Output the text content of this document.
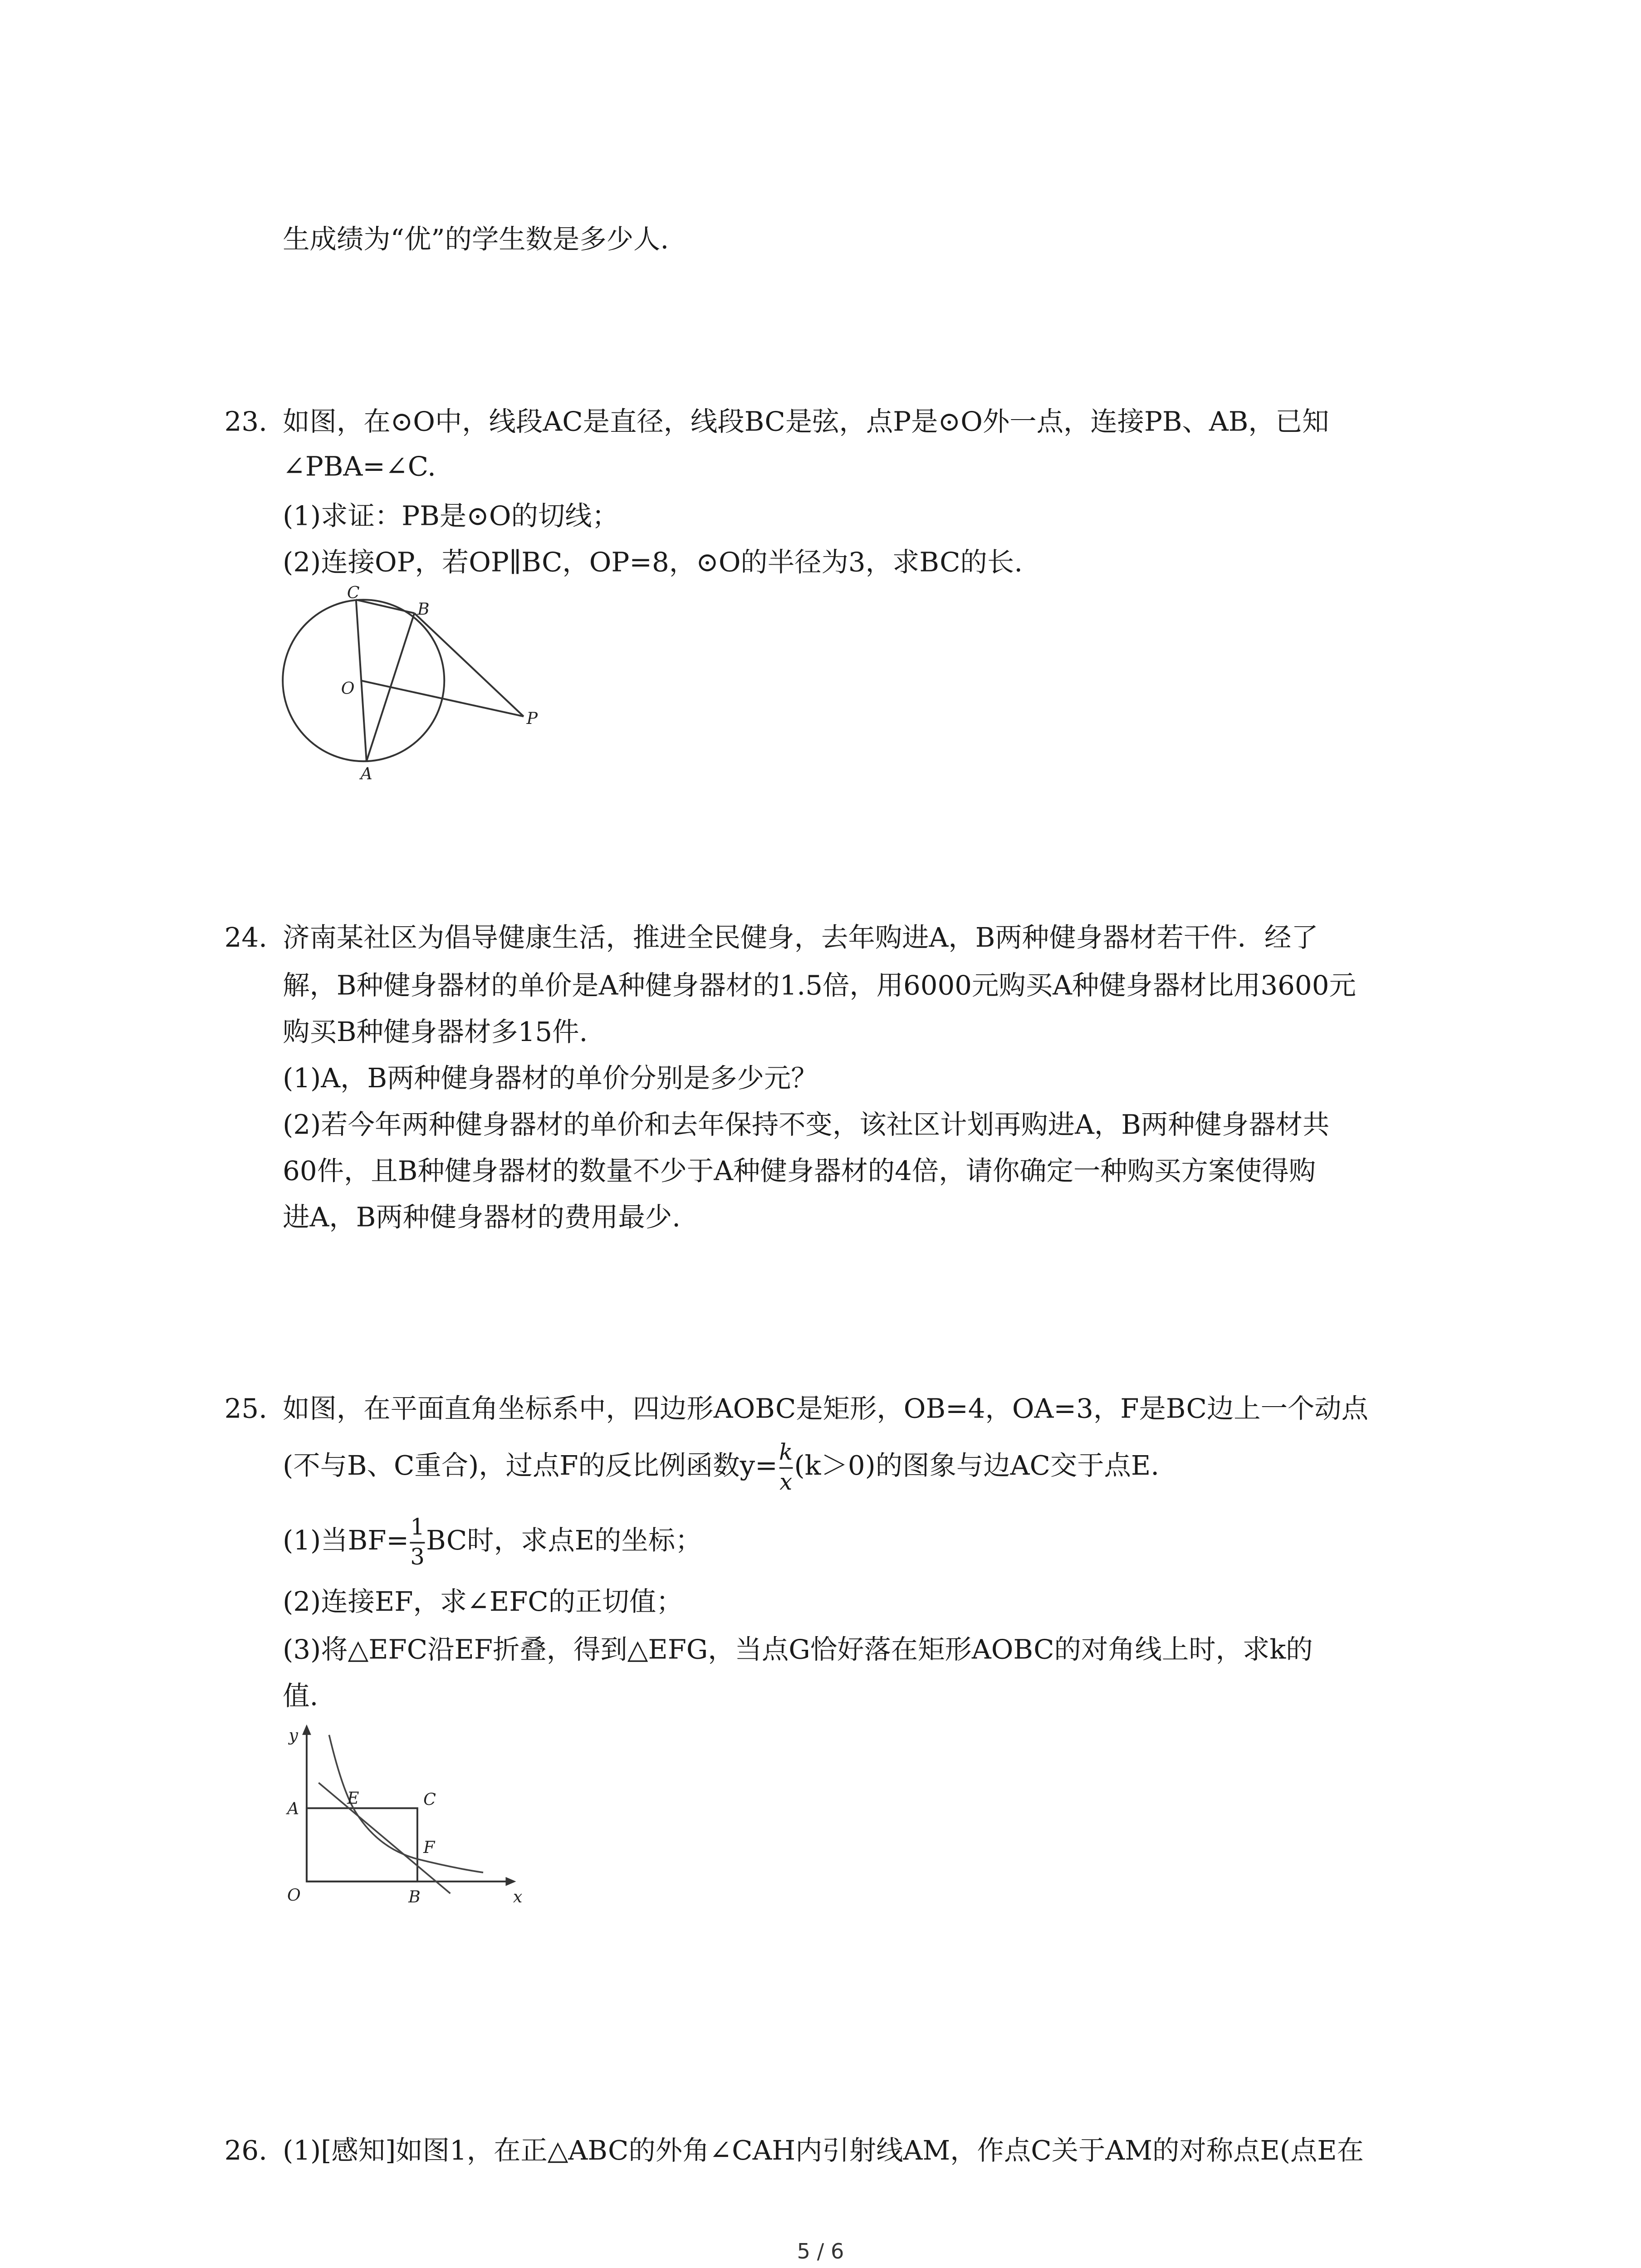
生成绩为“优”的学生数是多少人.
23. 如图，在⊙O中，线段AC是直径，线段BC是弦，点P是⊙O外一点，连接PB、AB，已知
∠PBA=∠C.
(1)求证：PB是⊙O的切线；
(2)连接OP，若OP∥BC，OP=8，⊙O的半径为3，求BC的长.
C
B
O
P
A
24. 济南某社区为倡导健康生活，推进全民健身，去年购进A，B两种健身器材若干件．经了
解，B种健身器材的单价是A种健身器材的1.5倍，用6000元购买A种健身器材比用3600元
购买B种健身器材多15件.
(1)A，B两种健身器材的单价分别是多少元？
(2)若今年两种健身器材的单价和去年保持不变，该社区计划再购进A，B两种健身器材共
60件，且B种健身器材的数量不少于A种健身器材的4倍，请你确定一种购买方案使得购
进A，B两种健身器材的费用最少.
25. 如图，在平面直角坐标系中，四边形AOBC是矩形，OB=4，OA=3，F是BC边上一个动点
(不与B、C重合)，过点F的反比例函数$y= \frac{k}{x} (k>0)$的图象与边AC交于点E.
(1)当$BF= \frac{1}{3}$ BC时，求点E的坐标；
(2)连接EF，求∠EFC的正切值；
(3)将△EFC沿EF折叠，得到△EFG，当点G恰好落在矩形AOBC的对角线上时，求k的
值.
y
x
O
A
B
C
E
F
26. (1)[感知]如图1，在正△ABC的外角∠CAH内引射线AM，作点C关于AM的对称点E(点E在
5 / 6
